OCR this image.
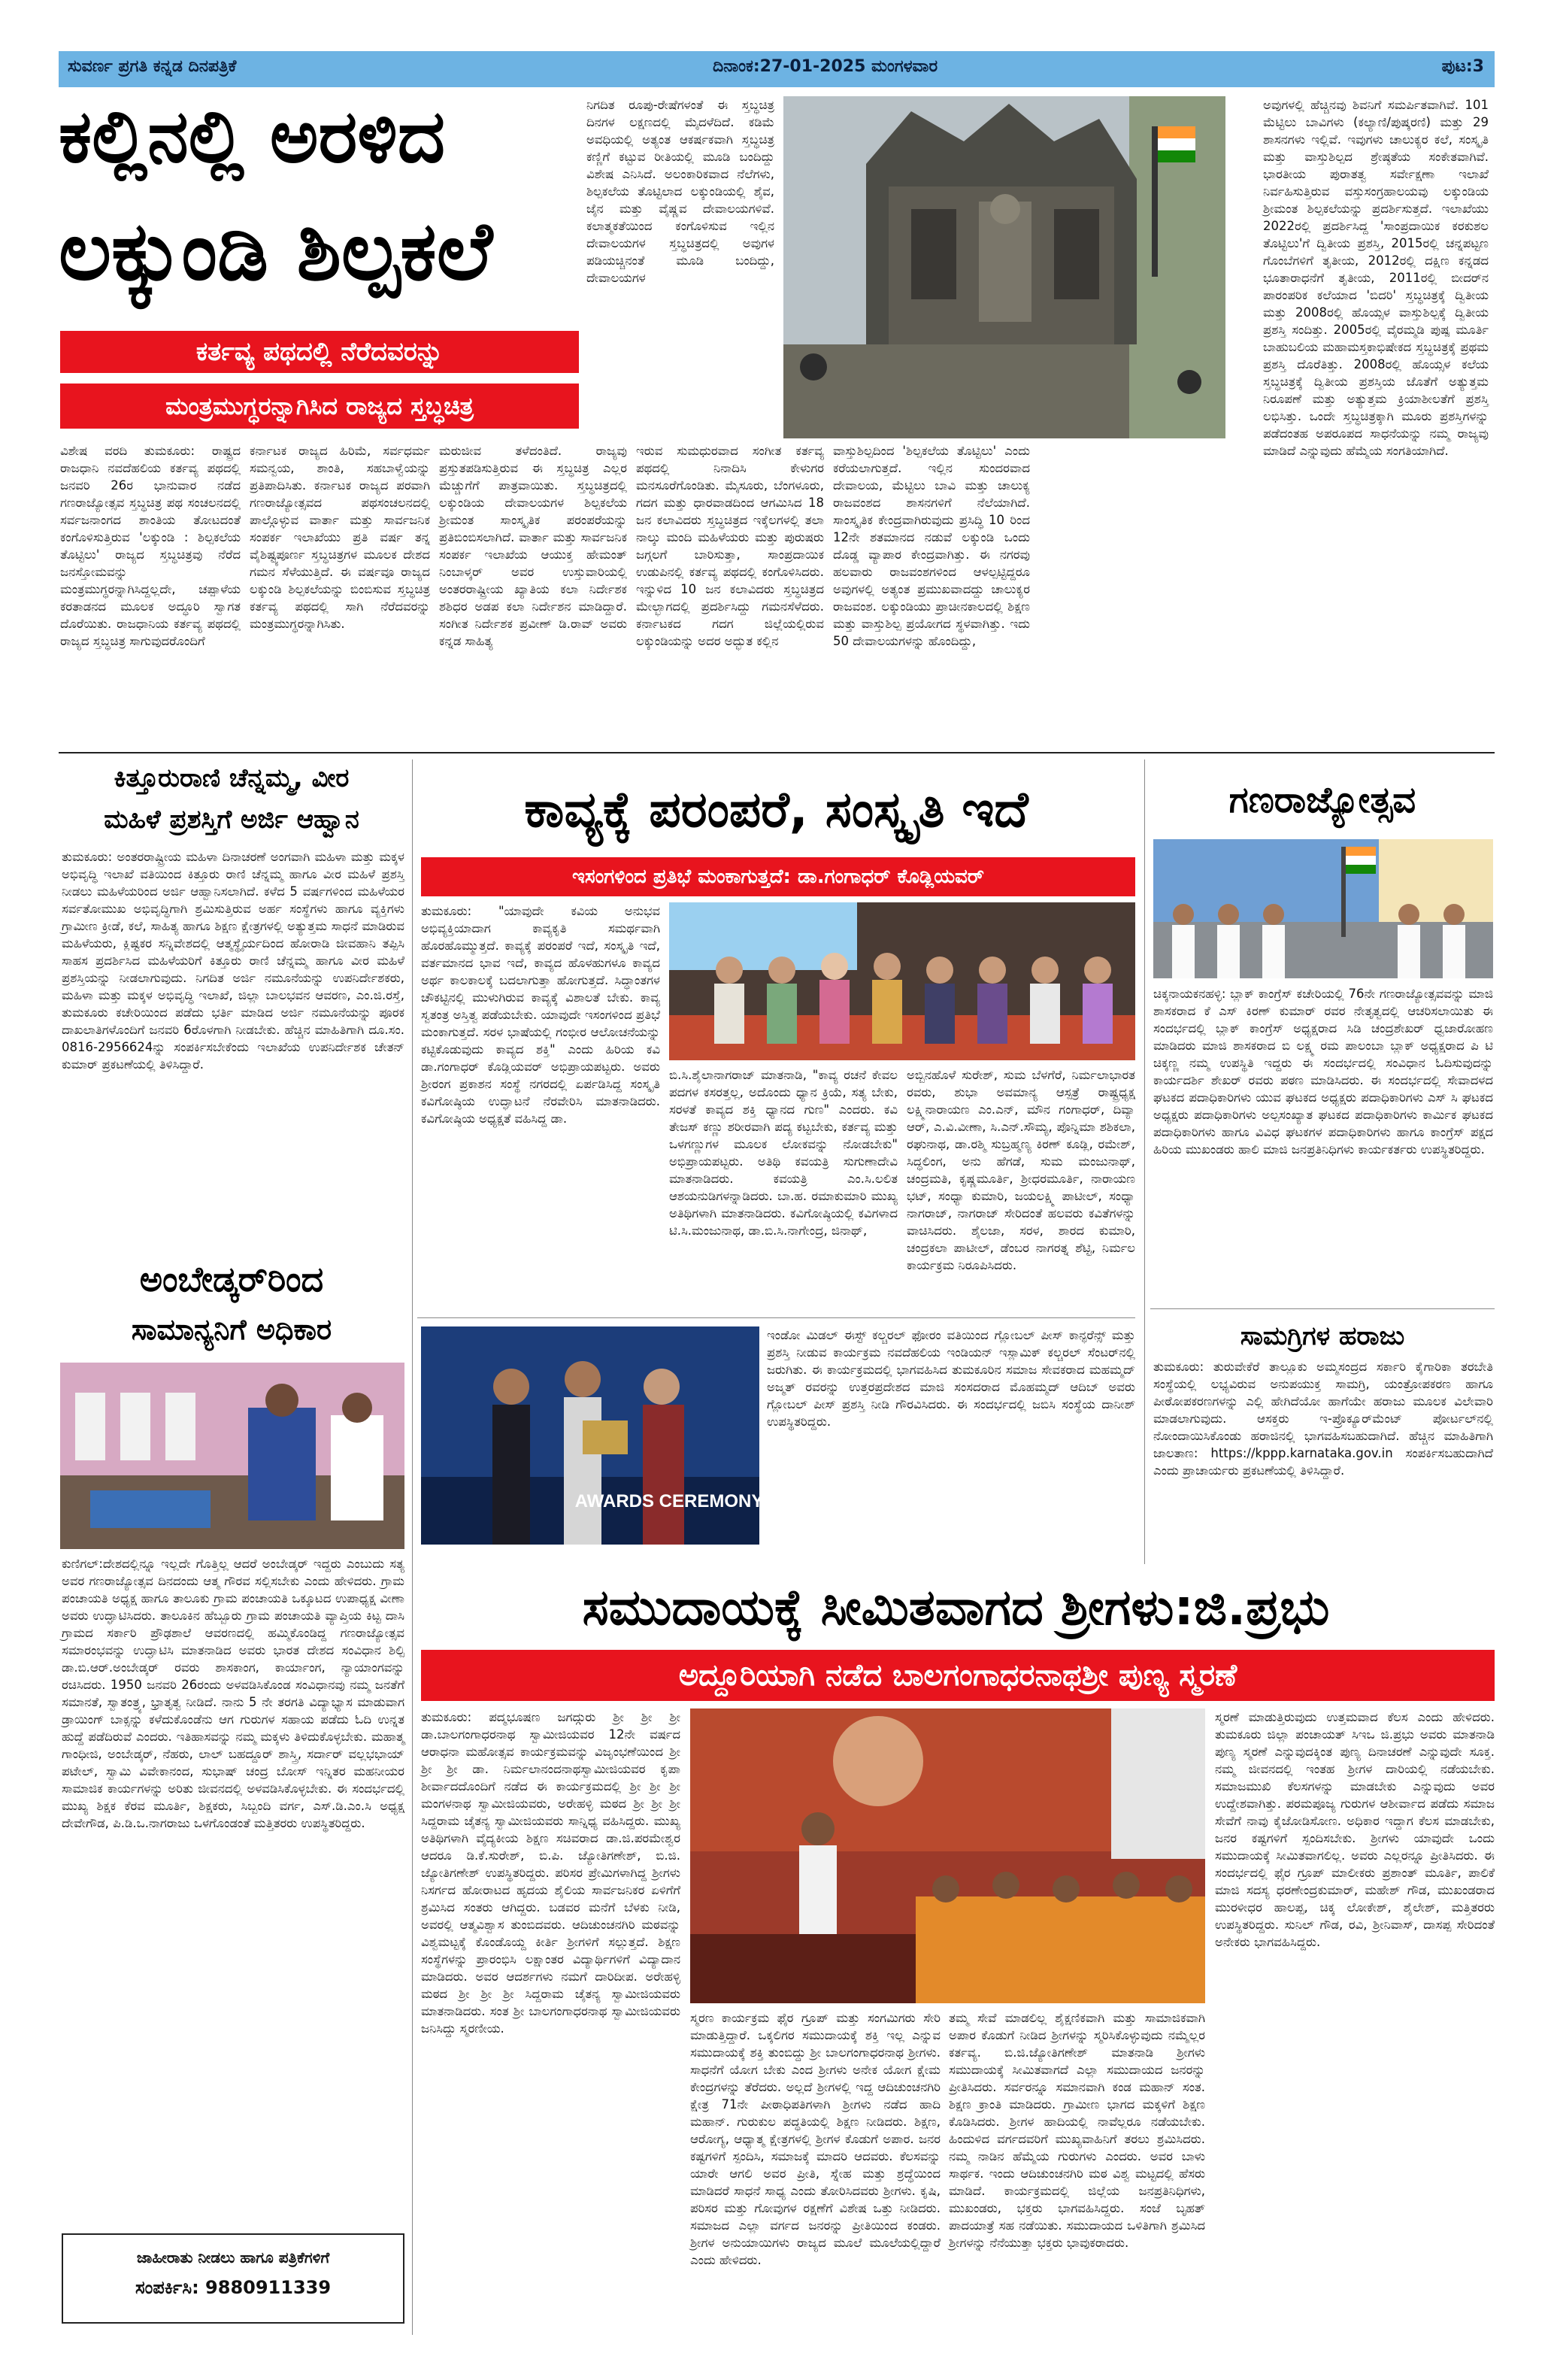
ಸುವರ್ಣ ಪ್ರಗತಿ ಕನ್ನಡ ದಿನಪತ್ರಿಕೆ	ದಿನಾಂಕ:27-01-2025 ಮಂಗಳವಾರ	ಪುಟ:3
ಕಲ್ಲಿನಲ್ಲಿ ಅರಳಿದ
ಲಕ್ಕುಂಡಿ ಶಿಲ್ಪಕಲೆ
ಕರ್ತವ್ಯ ಪಥದಲ್ಲಿ ನೆರೆದವರನ್ನು
ಮಂತ್ರಮುಗ್ಧರನ್ನಾಗಿಸಿದ ರಾಜ್ಯದ ಸ್ತಬ್ಧಚಿತ್ರ
ನಿಗದಿತ ರೂಪು-ರೇಷೆಗಳಂತೆ ಈ ಸ್ತಬ್ಧಚಿತ್ರ ದಿನಗಳ ಲಕ್ಷಣದಲ್ಲಿ ಮೈದಳೆದಿದೆ. ಕಡಿಮೆ ಅವಧಿಯಲ್ಲಿ ಅತ್ಯಂತ ಆಕರ್ಷಕವಾಗಿ ಸ್ತಬ್ಧಚಿತ್ರ ಕಣ್ಣಿಗೆ ಕಟ್ಟುವ ರೀತಿಯಲ್ಲಿ ಮೂಡಿ ಬಂದಿದ್ದು ವಿಶೇಷ ಎನಿಸಿದೆ. ಅಲಂಕಾರಿಕವಾದ ನೆಲೆಗಳು, ಶಿಲ್ಪಕಲೆಯ ತೊಟ್ಟಿಲಾದ ಲಕ್ಕುಂಡಿಯಲ್ಲಿ ಶೈವ, ಜೈನ ಮತ್ತು ವೈಷ್ಣವ ದೇವಾಲಯಗಳಿವೆ. ಕಲಾತ್ಮಕತೆಯಿಂದ ಕಂಗೊಳಿಸುವ ಇಲ್ಲಿನ ದೇವಾಲಯಗಳ ಸ್ತಬ್ಧಚಿತ್ರದಲ್ಲಿ ಅವುಗಳ ಪಡಿಯಚ್ಚಿನಂತೆ ಮೂಡಿ ಬಂದಿದ್ದು, ದೇವಾಲಯಗಳ
ಅವುಗಳಲ್ಲಿ ಹೆಚ್ಚಿನವು ಶಿವನಿಗೆ ಸಮರ್ಪಿತವಾಗಿವೆ. 101 ಮೆಟ್ಟಿಲು ಬಾವಿಗಳು (ಕಲ್ಯಾಣಿ/ಪುಷ್ಕರಣಿ) ಮತ್ತು 29 ಶಾಸನಗಳು ಇಲ್ಲಿವೆ. ಇವುಗಳು ಚಾಲುಕ್ಯರ ಕಲೆ, ಸಂಸ್ಕೃತಿ ಮತ್ತು ವಾಸ್ತುಶಿಲ್ಪದ ಶ್ರೇಷ್ಠತೆಯ ಸಂಕೇತವಾಗಿವೆ. ಭಾರತೀಯ ಪುರಾತತ್ವ ಸರ್ವೇಕ್ಷಣಾ ಇಲಾಖೆ ನಿರ್ವಹಿಸುತ್ತಿರುವ ವಸ್ತುಸಂಗ್ರಹಾಲಯವು ಲಕ್ಕುಂಡಿಯ ಶ್ರೀಮಂತ ಶಿಲ್ಪಕಲೆಯನ್ನು ಪ್ರದರ್ಶಿಸುತ್ತದೆ. ಇಲಾಖೆಯು 2022ರಲ್ಲಿ ಪ್ರದರ್ಶಿಸಿದ್ದ 'ಸಾಂಪ್ರದಾಯಿಕ ಕರಕುಶಲ ತೊಟ್ಟಿಲು'ಗೆ ದ್ವಿತೀಯ ಪ್ರಶಸ್ತಿ, 2015ರಲ್ಲಿ ಚನ್ನಪಟ್ಟಣ ಗೊಂಬೆಗಳಿಗೆ ತೃತೀಯ, 2012ರಲ್ಲಿ ದಕ್ಷಿಣ ಕನ್ನಡದ ಭೂತಾರಾಧನೆಗೆ ತೃತೀಯ, 2011ರಲ್ಲಿ ಬೀದರ್‌ನ ಪಾರಂಪರಿಕ ಕಲೆಯಾದ 'ಬಿದರಿ' ಸ್ತಬ್ಧಚಿತ್ರಕ್ಕೆ ದ್ವಿತೀಯ ಮತ್ತು 2008ರಲ್ಲಿ ಹೊಯ್ಸಳ ವಾಸ್ತುಶಿಲ್ಪಕ್ಕೆ ದ್ವಿತೀಯ ಪ್ರಶಸ್ತಿ ಸಂದಿತ್ತು. 2005ರಲ್ಲಿ ವೈರಮ್ಮಡಿ ಪುಷ್ಪ ಮೂರ್ತಿ ಬಾಹುಬಲಿಯ ಮಹಾಮಸ್ತಕಾಭಿಷೇಕದ ಸ್ತಬ್ಧಚಿತ್ರಕ್ಕೆ ಪ್ರಥಮ ಪ್ರಶಸ್ತಿ ದೊರೆತಿತ್ತು. 2008ರಲ್ಲಿ ಹೊಯ್ಸಳ ಕಲೆಯ ಸ್ತಬ್ಧಚಿತ್ರಕ್ಕೆ ದ್ವಿತೀಯ ಪ್ರಶಸ್ತಿಯ ಜೊತೆಗೆ ಅತ್ಯುತ್ತಮ ನಿರೂಪಣೆ ಮತ್ತು ಅತ್ಯುತ್ತಮ ಕ್ರಿಯಾಶೀಲತೆಗೆ ಪ್ರಶಸ್ತಿ ಲಭಿಸಿತ್ತು. ಒಂದೇ ಸ್ತಬ್ಧಚಿತ್ರಕ್ಕಾಗಿ ಮೂರು ಪ್ರಶಸ್ತಿಗಳನ್ನು ಪಡೆದಂತಹ ಅಪರೂಪದ ಸಾಧನೆಯನ್ನು ನಮ್ಮ ರಾಜ್ಯವು ಮಾಡಿದೆ ಎನ್ನುವುದು ಹೆಮ್ಮೆಯ ಸಂಗತಿಯಾಗಿದೆ.
ವಿಶೇಷ ವರದಿ ತುಮಕೂರು: ರಾಷ್ಟ್ರದ ರಾಜಧಾನಿ ನವದೆಹಲಿಯ ಕರ್ತವ್ಯ ಪಥದಲ್ಲಿ ಜನವರಿ 26ರ ಭಾನುವಾರ ನಡೆದ ಗಣರಾಜ್ಯೋತ್ಸವ ಸ್ತಬ್ಧಚಿತ್ರ ಪಥ ಸಂಚಲನದಲ್ಲಿ ಸರ್ವಜನಾಂಗದ ಶಾಂತಿಯ ತೋಟದಂತೆ ಕಂಗೊಳಿಸುತ್ತಿರುವ 'ಲಕ್ಕುಂಡಿ : ಶಿಲ್ಪಕಲೆಯ ತೊಟ್ಟಿಲು' ರಾಜ್ಯದ ಸ್ತಬ್ಧಚಿತ್ರವು ನೆರೆದ ಜನಸ್ತೋಮವನ್ನು ಮಂತ್ರಮುಗ್ಧರನ್ನಾಗಿಸಿದ್ದಲ್ಲದೇ, ಚಪ್ಪಾಳೆಯ ಕರತಾಡನದ ಮೂಲಕ ಅದ್ಧೂರಿ ಸ್ವಾಗತ ದೊರೆಯಿತು. ರಾಜಧಾನಿಯ ಕರ್ತವ್ಯ ಪಥದಲ್ಲಿ ರಾಜ್ಯದ ಸ್ತಬ್ಧಚಿತ್ರ ಸಾಗುವುದರೊಂದಿಗೆ
ಕರ್ನಾಟಕ ರಾಜ್ಯದ ಹಿರಿಮೆ, ಸರ್ವಧರ್ಮ ಸಮನ್ವಯ, ಶಾಂತಿ, ಸಹಬಾಳ್ವೆಯನ್ನು ಪ್ರತಿಪಾದಿಸಿತು. ಕರ್ನಾಟಕ ರಾಜ್ಯದ ಪರವಾಗಿ ಗಣರಾಜ್ಯೋತ್ಸವದ ಪಥಸಂಚಲನದಲ್ಲಿ ಪಾಲ್ಗೊಳ್ಳುವ ವಾರ್ತಾ ಮತ್ತು ಸಾರ್ವಜನಿಕ ಸಂಪರ್ಕ ಇಲಾಖೆಯು ಪ್ರತಿ ವರ್ಷ ತನ್ನ ವೈಶಿಷ್ಟ್ಯಪೂರ್ಣ ಸ್ತಬ್ಧಚಿತ್ರಗಳ ಮೂಲಕ ದೇಶದ ಗಮನ ಸೆಳೆಯುತ್ತಿದೆ. ಈ ವರ್ಷವೂ ರಾಜ್ಯದ ಲಕ್ಕುಂಡಿ ಶಿಲ್ಪಕಲೆಯನ್ನು ಬಿಂಬಿಸುವ ಸ್ತಬ್ಧಚಿತ್ರ ಕರ್ತವ್ಯ ಪಥದಲ್ಲಿ ಸಾಗಿ ನೆರೆದವರನ್ನು ಮಂತ್ರಮುಗ್ಧರನ್ನಾಗಿಸಿತು.
ಮರುಜೀವ ತಳೆದಂತಿದೆ. ರಾಜ್ಯವು ಪ್ರಸ್ತುತಪಡಿಸುತ್ತಿರುವ ಈ ಸ್ತಬ್ಧಚಿತ್ರ ಎಲ್ಲರ ಮೆಚ್ಚುಗೆಗೆ ಪಾತ್ರವಾಯಿತು. ಸ್ತಬ್ಧಚಿತ್ರದಲ್ಲಿ ಲಕ್ಕುಂಡಿಯ ದೇವಾಲಯಗಳ ಶಿಲ್ಪಕಲೆಯ ಶ್ರೀಮಂತ ಸಾಂಸ್ಕೃತಿಕ ಪರಂಪರೆಯನ್ನು ಪ್ರತಿಬಿಂಬಿಸಲಾಗಿದೆ. ವಾರ್ತಾ ಮತ್ತು ಸಾರ್ವಜನಿಕ ಸಂಪರ್ಕ ಇಲಾಖೆಯ ಆಯುಕ್ತ ಹೇಮಂತ್ ನಿಂಬಾಳ್ಕರ್ ಅವರ ಉಸ್ತುವಾರಿಯಲ್ಲಿ ಅಂತರರಾಷ್ಟ್ರೀಯ ಖ್ಯಾತಿಯ ಕಲಾ ನಿರ್ದೇಶಕ ಶಶಿಧರ ಅಡಪ ಕಲಾ ನಿರ್ದೇಶನ ಮಾಡಿದ್ದಾರೆ. ಸಂಗೀತ ನಿರ್ದೇಶಕ ಪ್ರವೀಣ್ ಡಿ.ರಾವ್ ಅವರು ಕನ್ನಡ ಸಾಹಿತ್ಯ
ಇರುವ ಸುಮಧುರವಾದ ಸಂಗೀತ ಕರ್ತವ್ಯ ಪಥದಲ್ಲಿ ನಿನಾದಿಸಿ ಕೇಳುಗರ ಮನಸೂರೆಗೊಂಡಿತು. ಮೈಸೂರು, ಬೆಂಗಳೂರು, ಗದಗ ಮತ್ತು ಧಾರವಾಡದಿಂದ ಆಗಮಿಸಿದ 18 ಜನ ಕಲಾವಿದರು ಸ್ತಬ್ಧಚಿತ್ರದ ಇಕ್ಕೆಲಗಳಲ್ಲಿ ತಲಾ ನಾಲ್ಕು ಮಂದಿ ಮಹಿಳೆಯರು ಮತ್ತು ಪುರುಷರು ಜಗ್ಗಲಗೆ ಬಾರಿಸುತ್ತಾ, ಸಾಂಪ್ರದಾಯಿಕ ಉಡುಪಿನಲ್ಲಿ ಕರ್ತವ್ಯ ಪಥದಲ್ಲಿ ಕಂಗೊಳಿಸಿದರು. ಇನ್ನುಳಿದ 10 ಜನ ಕಲಾವಿದರು ಸ್ತಬ್ಧಚಿತ್ರದ ಮೇಲ್ಭಾಗದಲ್ಲಿ ಪ್ರದರ್ಶಿಸಿದ್ದು ಗಮನಸೆಳೆದರು. ಕರ್ನಾಟಕದ ಗದಗ ಜಿಲ್ಲೆಯಲ್ಲಿರುವ ಲಕ್ಕುಂಡಿಯನ್ನು ಅದರ ಅದ್ಭುತ ಕಲ್ಲಿನ
ವಾಸ್ತುಶಿಲ್ಪದಿಂದ 'ಶಿಲ್ಪಕಲೆಯ ತೊಟ್ಟಿಲು' ಎಂದು ಕರೆಯಲಾಗುತ್ತದೆ. ಇಲ್ಲಿನ ಸುಂದರವಾದ ದೇವಾಲಯ, ಮೆಟ್ಟಿಲು ಬಾವಿ ಮತ್ತು ಚಾಲುಕ್ಯ ರಾಜವಂಶದ ಶಾಸನಗಳಿಗೆ ನೆಲೆಯಾಗಿದೆ. ಸಾಂಸ್ಕೃತಿಕ ಕೇಂದ್ರವಾಗಿರುವುದು ಪ್ರಸಿದ್ಧಿ 10 ರಿಂದ 12ನೇ ಶತಮಾನದ ನಡುವೆ ಲಕ್ಕುಂಡಿ ಒಂದು ದೊಡ್ಡ ವ್ಯಾಪಾರ ಕೇಂದ್ರವಾಗಿತ್ತು. ಈ ನಗರವು ಹಲವಾರು ರಾಜವಂಶಗಳಿಂದ ಆಳಲ್ಪಟ್ಟಿದ್ದರೂ ಅವುಗಳಲ್ಲಿ ಅತ್ಯಂತ ಪ್ರಮುಖವಾದದ್ದು ಚಾಲುಕ್ಯರ ರಾಜವಂಶ. ಲಕ್ಕುಂಡಿಯು ಪ್ರಾಚೀನಕಾಲದಲ್ಲಿ ಶಿಕ್ಷಣ ಮತ್ತು ವಾಸ್ತುಶಿಲ್ಪ ಪ್ರಯೋಗದ ಸ್ಥಳವಾಗಿತ್ತು. ಇದು 50 ದೇವಾಲಯಗಳನ್ನು ಹೊಂದಿದ್ದು,
ಕಿತ್ತೂರುರಾಣಿ ಚೆನ್ನಮ್ಮ, ವೀರ
ಮಹಿಳೆ ಪ್ರಶಸ್ತಿಗೆ ಅರ್ಜಿ ಆಹ್ವಾನ
ತುಮಕೂರು: ಅಂತರರಾಷ್ಟ್ರೀಯ ಮಹಿಳಾ ದಿನಾಚರಣೆ ಅಂಗವಾಗಿ ಮಹಿಳಾ ಮತ್ತು ಮಕ್ಕಳ ಅಭಿವೃದ್ಧಿ ಇಲಾಖೆ ವತಿಯಿಂದ ಕಿತ್ತೂರು ರಾಣಿ ಚೆನ್ನಮ್ಮ ಹಾಗೂ ವೀರ ಮಹಿಳೆ ಪ್ರಶಸ್ತಿ ನೀಡಲು ಮಹಿಳೆಯರಿಂದ ಅರ್ಜಿ ಆಹ್ವಾನಿಸಲಾಗಿದೆ. ಕಳೆದ 5 ವರ್ಷಗಳಿಂದ ಮಹಿಳೆಯರ ಸರ್ವತೋಮುಖ ಅಭಿವೃದ್ಧಿಗಾಗಿ ಶ್ರಮಿಸುತ್ತಿರುವ ಅರ್ಹ ಸಂಸ್ಥೆಗಳು ಹಾಗೂ ವ್ಯಕ್ತಿಗಳು ಗ್ರಾಮೀಣ ಕ್ರೀಡೆ, ಕಲೆ, ಸಾಹಿತ್ಯ ಹಾಗೂ ಶಿಕ್ಷಣ ಕ್ಷೇತ್ರಗಳಲ್ಲಿ ಅತ್ಯುತ್ತಮ ಸಾಧನೆ ಮಾಡಿರುವ ಮಹಿಳೆಯರು, ಕ್ಲಿಷ್ಟಕರ ಸನ್ನಿವೇಶದಲ್ಲಿ ಆತ್ಮಸ್ಥೈರ್ಯದಿಂದ ಹೋರಾಡಿ ಜೀವಹಾನಿ ತಪ್ಪಿಸಿ ಸಾಹಸ ಪ್ರದರ್ಶಿಸಿದ ಮಹಿಳೆಯರಿಗೆ ಕಿತ್ತೂರು ರಾಣಿ ಚೆನ್ನಮ್ಮ ಹಾಗೂ ವೀರ ಮಹಿಳೆ ಪ್ರಶಸ್ತಿಯನ್ನು ನೀಡಲಾಗುವುದು. ನಿಗದಿತ ಅರ್ಜಿ ನಮೂನೆಯನ್ನು ಉಪನಿರ್ದೇಶಕರು, ಮಹಿಳಾ ಮತ್ತು ಮಕ್ಕಳ ಅಭಿವೃದ್ಧಿ ಇಲಾಖೆ, ಜಿಲ್ಲಾ ಬಾಲಭವನ ಆವರಣ, ಎಂ.ಜಿ.ರಸ್ತೆ, ತುಮಕೂರು ಕಚೇರಿಯಿಂದ ಪಡೆದು ಭರ್ತಿ ಮಾಡಿದ ಅರ್ಜಿ ನಮೂನೆಯನ್ನು ಪೂರಕ ದಾಖಲಾತಿಗಳೊಂದಿಗೆ ಜನವರಿ 6ರೊಳಗಾಗಿ ನೀಡಬೇಕು. ಹೆಚ್ಚಿನ ಮಾಹಿತಿಗಾಗಿ ದೂ.ಸಂ. 0816-2956624ನ್ನು ಸಂಪರ್ಕಿಸಬೇಕೆಂದು ಇಲಾಖೆಯ ಉಪನಿರ್ದೇಶಕ ಚೇತನ್ ಕುಮಾರ್ ಪ್ರಕಟಣೆಯಲ್ಲಿ ತಿಳಿಸಿದ್ದಾರೆ.
ಅಂಬೇಡ್ಕರ್‌ರಿಂದ
ಸಾಮಾನ್ಯನಿಗೆ ಅಧಿಕಾರ
ಕುಣಿಗಲ್:ದೇಶದಲ್ಲಿನ್ನೂ ಇಲ್ಲದೇ ಗೊತ್ತಿಲ್ಲ ಆದರೆ ಅಂಬೇಡ್ಕರ್ ಇದ್ದರು ಎಂಬುದು ಸತ್ಯ ಅವರ ಗಣರಾಜ್ಯೋತ್ಸವ ದಿನದಂದು ಆತ್ಮ ಗೌರವ ಸಲ್ಲಿಸಬೇಕು ಎಂದು ಹೇಳಿದರು. ಗ್ರಾಮ ಪಂಚಾಯತಿ ಅಧ್ಯಕ್ಷ ಹಾಗೂ ತಾಲೂಕು ಗ್ರಾಮ ಪಂಚಾಯತಿ ಒಕ್ಕೂಟದ ಉಪಾಧ್ಯಕ್ಷ ವೀಣಾ ಅವರು ಉದ್ಘಾಟಿಸಿದರು. ತಾಲೂಕಿನ ಹೆಬ್ಬೂರು ಗ್ರಾಮ ಪಂಚಾಯತಿ ವ್ಯಾಪ್ತಿಯ ಕಿಟ್ಟ ದಾಸಿ ಗ್ರಾಮದ ಸರ್ಕಾರಿ ಪ್ರೌಢಶಾಲೆ ಆವರಣದಲ್ಲಿ ಹಮ್ಮಿಕೊಂಡಿದ್ದ ಗಣರಾಜ್ಯೋತ್ಸವ ಸಮಾರಂಭವನ್ನು ಉದ್ಘಾಟಿಸಿ ಮಾತನಾಡಿದ ಅವರು ಭಾರತ ದೇಶದ ಸಂವಿಧಾನ ಶಿಲ್ಪಿ ಡಾ.ಬಿ.ಆರ್.ಅಂಬೇಡ್ಕರ್ ರವರು ಶಾಸಕಾಂಗ, ಕಾರ್ಯಾಂಗ, ನ್ಯಾಯಾಂಗವನ್ನು ರಚಿಸಿದರು. 1950 ಜನವರಿ 26ರಂದು ಅಳವಡಿಸಿಕೊಂಡ ಸಂವಿಧಾನವು ನಮ್ಮ ಜನತೆಗೆ ಸಮಾನತೆ, ಸ್ವಾತಂತ್ರ್ಯ, ಭ್ರಾತೃತ್ವ ನೀಡಿದೆ. ನಾನು 5 ನೇ ತರಗತಿ ವಿದ್ಯಾಭ್ಯಾಸ ಮಾಡುವಾಗ ಡ್ರಾಯಿಂಗ್ ಬಾಕ್ಸನ್ನು ಕಳೆದುಕೊಂಡೆನು ಆಗ ಗುರುಗಳ ಸಹಾಯ ಪಡೆದು ಓದಿ ಉನ್ನತ ಹುದ್ದೆ ಪಡೆದಿರುವೆ ಎಂದರು. ಇತಿಹಾಸವನ್ನು ನಮ್ಮ ಮಕ್ಕಳು ತಿಳಿದುಕೊಳ್ಳಬೇಕು. ಮಹಾತ್ಮ ಗಾಂಧೀಜಿ, ಅಂಬೇಡ್ಕರ್, ನೆಹರು, ಲಾಲ್ ಬಹದ್ದೂರ್ ಶಾಸ್ತ್ರಿ, ಸರ್ದಾರ್ ವಲ್ಲಭಭಾಯ್ ಪಟೇಲ್, ಸ್ವಾಮಿ ವಿವೇಕಾನಂದ, ಸುಭಾಷ್ ಚಂದ್ರ ಬೋಸ್ ಇನ್ನಿತರ ಮಹನೀಯರ ಸಾಮಾಜಿಕ ಕಾರ್ಯಗಳನ್ನು ಅರಿತು ಜೀವನದಲ್ಲಿ ಅಳವಡಿಸಿಕೊಳ್ಳಬೇಕು. ಈ ಸಂದರ್ಭದಲ್ಲಿ ಮುಖ್ಯ ಶಿಕ್ಷಕ ಕೆರವ ಮೂರ್ತಿ, ಶಿಕ್ಷಕರು, ಸಿಬ್ಬಂದಿ ವರ್ಗ, ಎಸ್.ಡಿ.ಎಂ.ಸಿ ಅಧ್ಯಕ್ಷ ದೇವೇಗೌಡ, ಪಿ.ಡಿ.ಒ.ನಾಗರಾಜು ಒಳಗೊಂಡಂತೆ ಮತ್ತಿತರರು ಉಪಸ್ಥಿತರಿದ್ದರು.
ಜಾಹೀರಾತು ನೀಡಲು ಹಾಗೂ ಪತ್ರಿಕೆಗಳಿಗೆ
ಸಂಪರ್ಕಿಸಿ: 9880911339
ಕಾವ್ಯಕ್ಕೆ ಪರಂಪರೆ, ಸಂಸ್ಕೃತಿ ಇದೆ
ಇಸಂಗಳಿಂದ ಪ್ರತಿಭೆ ಮಂಕಾಗುತ್ತದೆ: ಡಾ.ಗಂಗಾಧರ್ ಕೊಡ್ಲಿಯವರ್
ತುಮಕೂರು: "ಯಾವುದೇ ಕವಿಯ ಅನುಭವ ಅಭಿವ್ಯಕ್ತಿಯಾದಾಗ ಕಾವ್ಯಕೃತಿ ಸಮರ್ಥವಾಗಿ ಹೊರಹೊಮ್ಮುತ್ತದೆ. ಕಾವ್ಯಕ್ಕೆ ಪರಂಪರೆ ಇದೆ, ಸಂಸ್ಕೃತಿ ಇದೆ, ವರ್ತಮಾನದ ಭಾವ ಇದೆ, ಕಾವ್ಯದ ಹೊಳಹುಗಳೂ ಕಾವ್ಯದ ಅರ್ಥ ಕಾಲಕಾಲಕ್ಕೆ ಬದಲಾಗುತ್ತಾ ಹೋಗುತ್ತದೆ. ಸಿದ್ಧಾಂತಗಳ ಚೌಕಟ್ಟಿನಲ್ಲಿ ಮುಳುಗಿರುವ ಕಾವ್ಯಕ್ಕೆ ವಿಶಾಲತೆ ಬೇಕು. ಕಾವ್ಯ ಸ್ವತಂತ್ರ ಅಸ್ತಿತ್ವ ಪಡೆಯಬೇಕು. ಯಾವುದೇ ಇಸಂಗಳಿಂದ ಪ್ರತಿಭೆ ಮಂಕಾಗುತ್ತದೆ. ಸರಳ ಭಾಷೆಯಲ್ಲಿ ಗಂಭೀರ ಆಲೋಚನೆಯನ್ನು ಕಟ್ಟಿಕೊಡುವುದು ಕಾವ್ಯದ ಶಕ್ತಿ" ಎಂದು ಹಿರಿಯ ಕವಿ ಡಾ.ಗಂಗಾಧರ್ ಕೊಡ್ಲಿಯವರ್ ಅಭಿಪ್ರಾಯಪಟ್ಟರು. ಅವರು ಶ್ರೀರಂಗ ಪ್ರಕಾಶನ ಸಂಸ್ಥೆ ನಗರದಲ್ಲಿ ಏರ್ಪಡಿಸಿದ್ದ ಸಂಸ್ಕೃತಿ ಕವಿಗೋಷ್ಠಿಯ ಉದ್ಘಾಟನೆ ನೆರವೇರಿಸಿ ಮಾತನಾಡಿದರು. ಕವಿಗೋಷ್ಠಿಯ ಅಧ್ಯಕ್ಷತೆ ವಹಿಸಿದ್ದ ಡಾ.
ಬಿ.ಸಿ.ಶೈಲಾನಾಗರಾಜ್ ಮಾತನಾಡಿ, "ಕಾವ್ಯ ರಚನೆ ಕೇವಲ ಪದಗಳ ಕಸರತ್ತಲ್ಲ, ಅದೊಂದು ಧ್ಯಾನ ಕ್ರಿಯೆ, ಸತ್ಯ ಬೇಕು, ಸರಳತೆ ಕಾವ್ಯದ ಶಕ್ತಿ ಧ್ಯಾನದ ಗುಣ" ಎಂದರು. ಕವಿ ತೇಜಸ್ ಕಣ್ಣು ಶರೀರವಾಗಿ ಪದ್ಯ ಕಟ್ಟಬೇಕು, ಕರ್ತವ್ಯ ಮತ್ತು ಒಳಗಣ್ಣುಗಳ ಮೂಲಕ ಲೋಕವನ್ನು ನೋಡಬೇಕು" ಅಭಿಪ್ರಾಯಪಟ್ಟರು. ಅತಿಥಿ ಕವಯತ್ರಿ ಸುಗುಣಾದೇವಿ ಮಾತನಾಡಿದರು. ಕವಯತ್ರಿ ಎಂ.ಸಿ.ಲಲಿತ ಆಶಯನುಡಿಗಳನ್ನಾಡಿದರು. ಬಾ.ಹ. ರಮಾಕುಮಾರಿ ಮುಖ್ಯ ಅತಿಥಿಗಳಾಗಿ ಮಾತನಾಡಿದರು. ಕವಿಗೋಷ್ಠಿಯಲ್ಲಿ ಕವಿಗಳಾದ ಟಿ.ಸಿ.ಮಂಜುನಾಥ, ಡಾ.ಬಿ.ಸಿ.ನಾಗೇಂದ್ರ, ಜಿನಾಥ್,
ಅಬ್ಬಿನಹೊಳೆ ಸುರೇಶ್, ಸುಮ ಬೆಳಗೆರೆ, ನಿರ್ಮಲಾಭಾರತ ರವರು, ಶುಭಾ ಅವಮಾನ್ಯ ಆಸ್ಪತ್ರೆ ರಾಷ್ಟ್ರಧ್ಯಕ್ಷ ಲಕ್ಷ್ಮಿನಾರಾಯಣ ಎಂ.ಎನ್, ಮೌನ ಗಂಗಾಧರ್, ದಿವ್ಯಾ ಆರ್, ಎ.ವಿ.ವೀಣಾ, ಸಿ.ಎನ್.ಸೌಮ್ಯ, ಪೊನ್ನಿಮಾ ಶಶಿಕಲಾ, ರಘುನಾಥ, ಡಾ.ರಶ್ಮಿ ಸುಬ್ರಹ್ಮಣ್ಯ ಕಿರಣ್ ಕೂಡ್ಲಿ, ರಮೇಶ್, ಸಿದ್ಧಲಿಂಗ, ಅನು ಹೆಗಡೆ, ಸುಮ ಮಂಜುನಾಥ್, ಚಂದ್ರಮತಿ, ಕೃಷ್ಣಮೂರ್ತಿ, ಶ್ರೀಧರಮೂರ್ತಿ, ನಾರಾಯಣ ಭಟ್, ಸಂಧ್ಯಾ ಕುಮಾರಿ, ಜಯಲಕ್ಷ್ಮಿ ಪಾಟೀಲ್, ಸಂಧ್ಯಾ ನಾಗರಾಜ್, ನಾಗರಾಜ್ ಸೇರಿದಂತೆ ಹಲವರು ಕವಿತೆಗಳನ್ನು ವಾಚಿಸಿದರು. ಶೈಲಜಾ, ಸರಳ, ಶಾರದ ಕುಮಾರಿ, ಚಂದ್ರಕಲಾ ಪಾಟೀಲ್, ಡೆಂಬರ ನಾಗರತ್ನ ಶೆಟ್ಟಿ, ನಿರ್ಮಲ ಕಾರ್ಯಕ್ರಮ ನಿರೂಪಿಸಿದರು.
AWARDS CEREMONY
ಇಂಡೋ ಮಿಡಲ್ ಈಸ್ಟ್ ಕಲ್ಚರಲ್ ಫೋರಂ ವತಿಯಿಂದ ಗ್ಲೋಬಲ್ ಪೀಸ್ ಕಾನ್ಫರೆನ್ಸ್ ಮತ್ತು ಪ್ರಶಸ್ತಿ ನೀಡುವ ಕಾರ್ಯಕ್ರಮ ನವದೆಹಲಿಯ ಇಂಡಿಯನ್ ಇಸ್ಲಾಮಿಕ್ ಕಲ್ಚರಲ್ ಸೆಂಟರ್‌ನಲ್ಲಿ ಜರುಗಿತು. ಈ ಕಾರ್ಯಕ್ರಮದಲ್ಲಿ ಭಾಗವಹಿಸಿದ ತುಮಕೂರಿನ ಸಮಾಜ ಸೇವಕರಾದ ಮಹಮ್ಮದ್ ಅಜ್ಮತ್ ರವರನ್ನು ಉತ್ತರಪ್ರದೇಶದ ಮಾಜಿ ಸಂಸದರಾದ ಮೊಹಮ್ಮದ್ ಆದಿಬ್ ಅವರು ಗ್ಲೋಬಲ್ ಪೀಸ್ ಪ್ರಶಸ್ತಿ ನೀಡಿ ಗೌರವಿಸಿದರು. ಈ ಸಂದರ್ಭದಲ್ಲಿ ಜಬಿಸಿ ಸಂಸ್ಥೆಯ ದಾನೀಶ್ ಉಪಸ್ಥಿತರಿದ್ದರು.
ಗಣರಾಜ್ಯೋತ್ಸವ
ಚಿಕ್ಕನಾಯಕನಹಳ್ಳಿ: ಬ್ಲಾಕ್ ಕಾಂಗ್ರೆಸ್ ಕಚೇರಿಯಲ್ಲಿ 76ನೇ ಗಣರಾಜ್ಯೋತ್ಸವವನ್ನು ಮಾಜಿ ಶಾಸಕರಾದ ಕೆ ಎಸ್ ಕಿರಣ್ ಕುಮಾರ್ ರವರ ನೇತೃತ್ವದಲ್ಲಿ ಆಚರಿಸಲಾಯಿತು ಈ ಸಂದರ್ಭದಲ್ಲಿ ಬ್ಲಾಕ್ ಕಾಂಗ್ರೆಸ್ ಅಧ್ಯಕ್ಷರಾದ ಸಿಡಿ ಚಂದ್ರಶೇಖರ್ ಧ್ವಜಾರೋಹಣ ಮಾಡಿದರು ಮಾಜಿ ಶಾಸಕರಾದ ಬಿ ಲಕ್ಷ್ಮ ರಮ ಪಾಲಂಬಾ ಬ್ಲಾಕ್ ಅಧ್ಯಕ್ಷರಾದ ಪಿ ಟಿ ಚಿಕ್ಕಣ್ಣ ನಮ್ಮ ಉಪಸ್ಥಿತಿ ಇದ್ದರು ಈ ಸಂದರ್ಭದಲ್ಲಿ ಸಂವಿಧಾನ ಓದಿಸುವುದನ್ನು ಕಾರ್ಯದರ್ಶಿ ಶೇಖರ್ ರವರು ಪಠಣ ಮಾಡಿಸಿದರು. ಈ ಸಂದರ್ಭದಲ್ಲಿ ಸೇವಾದಳದ ಘಟಕದ ಪದಾಧಿಕಾರಿಗಳು ಯುವ ಘಟಕದ ಅಧ್ಯಕ್ಷರು ಪದಾಧಿಕಾರಿಗಳು ಎಸ್ ಸಿ ಘಟಕದ ಅಧ್ಯಕ್ಷರು ಪದಾಧಿಕಾರಿಗಳು ಅಲ್ಪಸಂಖ್ಯಾತ ಘಟಕದ ಪದಾಧಿಕಾರಿಗಳು ಕಾರ್ಮಿಕ ಘಟಕದ ಪದಾಧಿಕಾರಿಗಳು ಹಾಗೂ ವಿವಿಧ ಘಟಕಗಳ ಪದಾಧಿಕಾರಿಗಳು ಹಾಗೂ ಕಾಂಗ್ರೆಸ್ ಪಕ್ಷದ ಹಿರಿಯ ಮುಖಂಡರು ಹಾಲಿ ಮಾಜಿ ಜನಪ್ರತಿನಿಧಿಗಳು ಕಾರ್ಯಕರ್ತರು ಉಪಸ್ಥಿತರಿದ್ದರು.
ಸಾಮಗ್ರಿಗಳ ಹರಾಜು
ತುಮಕೂರು: ತುರುವೇಕೆರೆ ತಾಲ್ಲೂಕು ಅಮ್ಮಸಂದ್ರದ ಸರ್ಕಾರಿ ಕೈಗಾರಿಕಾ ತರಬೇತಿ ಸಂಸ್ಥೆಯಲ್ಲಿ ಲಭ್ಯವಿರುವ ಅನುಪಯುಕ್ತ ಸಾಮಗ್ರಿ, ಯಂತ್ರೋಪಕರಣ ಹಾಗೂ ಪೀಠೋಪಕರಣಗಳನ್ನು ಎಲ್ಲಿ ಹೇಗಿದೆಯೋ ಹಾಗೆಯೇ ಹರಾಜು ಮೂಲಕ ವಿಲೇವಾರಿ ಮಾಡಲಾಗುವುದು. ಆಸಕ್ತರು ಇ-ಪ್ರೊಕ್ಯೂರ್‌ಮೆಂಟ್ ಪೋರ್ಟಲ್‌ನಲ್ಲಿ ನೋಂದಾಯಿಸಿಕೊಂಡು ಹರಾಜಿನಲ್ಲಿ ಭಾಗವಹಿಸಬಹುದಾಗಿದೆ. ಹೆಚ್ಚಿನ ಮಾಹಿತಿಗಾಗಿ ಜಾಲತಾಣ: https://kppp.karnataka.gov.in ಸಂಪರ್ಕಿಸಬಹುದಾಗಿದೆ ಎಂದು ಪ್ರಾಚಾರ್ಯರು ಪ್ರಕಟಣೆಯಲ್ಲಿ ತಿಳಿಸಿದ್ದಾರೆ.
ಸಮುದಾಯಕ್ಕೆ ಸೀಮಿತವಾಗದ ಶ್ರೀಗಳು:ಜಿ.ಪ್ರಭು
ಅದ್ದೂರಿಯಾಗಿ ನಡೆದ ಬಾಲಗಂಗಾಧರನಾಥಶ್ರೀ ಪುಣ್ಯ ಸ್ಮರಣೆ
ತುಮಕೂರು: ಪದ್ಮಭೂಷಣ ಜಗದ್ಗುರು ಶ್ರೀ ಶ್ರೀ ಶ್ರೀ ಡಾ.ಬಾಲಗಂಗಾಧರನಾಥ ಸ್ವಾಮೀಜಿಯವರ 12ನೇ ವರ್ಷದ ಆರಾಧನಾ ಮಹೋತ್ಸವ ಕಾರ್ಯಕ್ರಮವನ್ನು ವಿಜೃಂಭಣೆಯಿಂದ ಶ್ರೀ ಶ್ರೀ ಶ್ರೀ ಡಾ. ನಿರ್ಮಲಾನಂದನಾಥಸ್ವಾಮೀಜಿಯವರ ಕೃಪಾ ಶೀರ್ವಾದದೊಂದಿಗೆ ನಡೆದ ಈ ಕಾರ್ಯಕ್ರಮದಲ್ಲಿ ಶ್ರೀ ಶ್ರೀ ಶ್ರೀ ಮಂಗಳನಾಥ ಸ್ವಾಮೀಜಿಯವರು, ಅರೇಹಳ್ಳಿ ಮಠದ ಶ್ರೀ ಶ್ರೀ ಶ್ರೀ ಸಿದ್ದರಾಮ ಚೈತನ್ಯ ಸ್ವಾಮೀಜಿಯವರು ಸಾನ್ನಿಧ್ಯ ವಹಿಸಿದ್ದರು. ಮುಖ್ಯ ಅತಿಥಿಗಳಾಗಿ ವೈದ್ಯಕೀಯ ಶಿಕ್ಷಣ ಸಚಿವರಾದ ಡಾ.ಜಿ.ಪರಮೇಶ್ವರ ಆದರೂ ಡಿ.ಕೆ.ಸುರೇಶ್, ಬಿ.ಪಿ. ಜ್ಯೋತಿಗಣೇಶ್, ಬಿ.ಜಿ. ಜ್ಯೋತಿಗಣೇಶ್ ಉಪಸ್ಥಿತರಿದ್ದರು. ಪರಿಸರ ಪ್ರೇಮಿಗಳಾಗಿದ್ದ ಶ್ರೀಗಳು ನಿಸರ್ಗದ ಹೋರಾಟದ ಹೃದಯ ಶೈಲಿಯ ಸಾರ್ವಜನಿಕರ ಏಳಿಗೆಗೆ ಶ್ರಮಿಸಿದ ಸಂತರು ಆಗಿದ್ದರು. ಬಡವರ ಮನೆಗೆ ಬೆಳಕು ನೀಡಿ, ಅವರಲ್ಲಿ ಆತ್ಮವಿಶ್ವಾಸ ತುಂಬಿದವರು. ಆದಿಚುಂಚನಗಿರಿ ಮಠವನ್ನು ವಿಶ್ವಮಟ್ಟಕ್ಕೆ ಕೊಂಡೊಯ್ದ ಕೀರ್ತಿ ಶ್ರೀಗಳಿಗೆ ಸಲ್ಲುತ್ತದೆ. ಶಿಕ್ಷಣ ಸಂಸ್ಥೆಗಳನ್ನು ಪ್ರಾರಂಭಿಸಿ ಲಕ್ಷಾಂತರ ವಿದ್ಯಾರ್ಥಿಗಳಿಗೆ ವಿದ್ಯಾದಾನ ಮಾಡಿದರು. ಅವರ ಆದರ್ಶಗಳು ನಮಗೆ ದಾರಿದೀಪ. ಅರೇಹಳ್ಳಿ ಮಠದ ಶ್ರೀ ಶ್ರೀ ಶ್ರೀ ಸಿದ್ದರಾಮ ಚೈತನ್ಯ ಸ್ವಾಮೀಜಿಯವರು ಮಾತನಾಡಿದರು. ಸಂತ ಶ್ರೀ ಬಾಲಗಂಗಾಧರನಾಥ ಸ್ವಾಮೀಜಿಯವರು ಜನಿಸಿದ್ದು ಸ್ಮರಣೀಯ.
ಸ್ಮರಣ ಕಾರ್ಯಕ್ರಮ ಫೈರ ಗ್ರೂಪ್ ಮತ್ತು ಸಂಗಮಿಗರು ಸೇರಿ ಮಾಡುತ್ತಿದ್ದಾರೆ. ಒಕ್ಕಲಿಗರ ಸಮುದಾಯಕ್ಕೆ ಶಕ್ತಿ ಇಲ್ಲ ಎನ್ನುವ ಸಮುದಾಯಕ್ಕೆ ಶಕ್ತಿ ತುಂಬಿದ್ದು ಶ್ರೀ ಬಾಲಗಂಗಾಧರನಾಥ ಶ್ರೀಗಳು. ಸಾಧನೆಗೆ ಯೋಗ ಬೇಕು ಎಂದ ಶ್ರೀಗಳು ಅನೇಕ ಯೋಗ ಕ್ಷೇಮ ಕೇಂದ್ರಗಳನ್ನು ತೆರೆದರು. ಅಲ್ಲದೆ ಶ್ರೀಗಳಲ್ಲಿ ಇದ್ದ ಆದಿಚುಂಚನಗಿರಿ ಕ್ಷೇತ್ರ 71ನೇ ಪೀಠಾಧಿಪತಿಗಳಾಗಿ ಶ್ರೀಗಳು ನಡೆದ ಹಾದಿ ಮಹಾನ್. ಗುರುಕುಲ ಪದ್ಧತಿಯಲ್ಲಿ ಶಿಕ್ಷಣ ನೀಡಿದರು. ಶಿಕ್ಷಣ, ಆರೋಗ್ಯ, ಆಧ್ಯಾತ್ಮ ಕ್ಷೇತ್ರಗಳಲ್ಲಿ ಶ್ರೀಗಳ ಕೊಡುಗೆ ಅಪಾರ. ಜನರ ಕಷ್ಟಗಳಿಗೆ ಸ್ಪಂದಿಸಿ, ಸಮಾಜಕ್ಕೆ ಮಾದರಿ ಆದವರು. ಕೆಲಸವನ್ನು ಯಾರೇ ಆಗಲಿ ಅವರ ಪ್ರೀತಿ, ಸ್ನೇಹ ಮತ್ತು ಶ್ರದ್ಧೆಯಿಂದ ಮಾಡಿದರೆ ಸಾಧನೆ ಸಾಧ್ಯ ಎಂದು ತೋರಿಸಿದವರು ಶ್ರೀಗಳು. ಕೃಷಿ, ಪರಿಸರ ಮತ್ತು ಗೋವುಗಳ ರಕ್ಷಣೆಗೆ ವಿಶೇಷ ಒತ್ತು ನೀಡಿದರು. ಸಮಾಜದ ಎಲ್ಲಾ ವರ್ಗದ ಜನರನ್ನು ಪ್ರೀತಿಯಿಂದ ಕಂಡರು. ಶ್ರೀಗಳ ಅನುಯಾಯಿಗಳು ರಾಜ್ಯದ ಮೂಲೆ ಮೂಲೆಯಲ್ಲಿದ್ದಾರೆ ಎಂದು ಹೇಳಿದರು.
ತಮ್ಮ ಸೇವೆ ಮಾಡಲಿಲ್ಲ ಶೈಕ್ಷಣಿಕವಾಗಿ ಮತ್ತು ಸಾಮಾಜಿಕವಾಗಿ ಅಪಾರ ಕೊಡುಗೆ ನೀಡಿದ ಶ್ರೀಗಳನ್ನು ಸ್ಮರಿಸಿಕೊಳ್ಳುವುದು ನಮ್ಮೆಲ್ಲರ ಕರ್ತವ್ಯ. ಬಿ.ಜಿ.ಜ್ಯೋತಿಗಣೇಶ್ ಮಾತನಾಡಿ ಶ್ರೀಗಳು ಸಮುದಾಯಕ್ಕೆ ಸೀಮಿತವಾಗದೆ ಎಲ್ಲಾ ಸಮುದಾಯದ ಜನರನ್ನು ಪ್ರೀತಿಸಿದರು. ಸರ್ವರನ್ನೂ ಸಮಾನವಾಗಿ ಕಂಡ ಮಹಾನ್ ಸಂತ. ಶಿಕ್ಷಣ ಕ್ರಾಂತಿ ಮಾಡಿದರು. ಗ್ರಾಮೀಣ ಭಾಗದ ಮಕ್ಕಳಿಗೆ ಶಿಕ್ಷಣ ಕೊಡಿಸಿದರು. ಶ್ರೀಗಳ ಹಾದಿಯಲ್ಲಿ ನಾವೆಲ್ಲರೂ ನಡೆಯಬೇಕು. ಹಿಂದುಳಿದ ವರ್ಗದವರಿಗೆ ಮುಖ್ಯವಾಹಿನಿಗೆ ತರಲು ಶ್ರಮಿಸಿದರು. ನಮ್ಮ ನಾಡಿನ ಹೆಮ್ಮೆಯ ಗುರುಗಳು ಎಂದರು. ಅವರ ಬಾಳು ಸಾರ್ಥಕ. ಇಂದು ಆದಿಚುಂಚನಗಿರಿ ಮಠ ವಿಶ್ವ ಮಟ್ಟದಲ್ಲಿ ಹೆಸರು ಮಾಡಿದೆ. ಕಾರ್ಯಕ್ರಮದಲ್ಲಿ ಜಿಲ್ಲೆಯ ಜನಪ್ರತಿನಿಧಿಗಳು, ಮುಖಂಡರು, ಭಕ್ತರು ಭಾಗವಹಿಸಿದ್ದರು. ಸಂಜೆ ಬೃಹತ್ ಪಾದಯಾತ್ರೆ ಸಹ ನಡೆಯಿತು. ಸಮುದಾಯದ ಒಳಿತಿಗಾಗಿ ಶ್ರಮಿಸಿದ ಶ್ರೀಗಳನ್ನು ನೆನೆಯುತ್ತಾ ಭಕ್ತರು ಭಾವುಕರಾದರು.
ಸ್ಮರಣೆ ಮಾಡುತ್ತಿರುವುದು ಉತ್ತಮವಾದ ಕೆಲಸ ಎಂದು ಹೇಳಿದರು. ತುಮಕೂರು ಜಿಲ್ಲಾ ಪಂಚಾಯತ್ ಸಿಇಒ ಜಿ.ಪ್ರಭು ಅವರು ಮಾತನಾಡಿ ಪುಣ್ಯ ಸ್ಮರಣೆ ಎನ್ನುವುದಕ್ಕಿಂತ ಪುಣ್ಯ ದಿನಾಚರಣೆ ಎನ್ನುವುದೇ ಸೂಕ್ತ. ನಮ್ಮ ಜೀವನದಲ್ಲಿ ಇಂತಹ ಶ್ರೀಗಳ ದಾರಿಯಲ್ಲಿ ನಡೆಯಬೇಕು. ಸಮಾಜಮುಖಿ ಕೆಲಸಗಳನ್ನು ಮಾಡಬೇಕು ಎನ್ನುವುದು ಅವರ ಉದ್ದೇಶವಾಗಿತ್ತು. ಪರಮಪೂಜ್ಯ ಗುರುಗಳ ಆಶೀರ್ವಾದ ಪಡೆದು ಸಮಾಜ ಸೇವೆಗೆ ನಾವು ಕೈಜೋಡಿಸೋಣ. ಅಧಿಕಾರ ಇದ್ದಾಗ ಕೆಲಸ ಮಾಡಬೇಕು, ಜನರ ಕಷ್ಟಗಳಿಗೆ ಸ್ಪಂದಿಸಬೇಕು. ಶ್ರೀಗಳು ಯಾವುದೇ ಒಂದು ಸಮುದಾಯಕ್ಕೆ ಸೀಮಿತವಾಗಲಿಲ್ಲ. ಅವರು ಎಲ್ಲರನ್ನೂ ಪ್ರೀತಿಸಿದರು. ಈ ಸಂದರ್ಭದಲ್ಲಿ ಫೈರ ಗ್ರೂಪ್ ಮಾಲೀಕರು ಪ್ರಶಾಂತ್ ಮೂರ್ತಿ, ಪಾಲಿಕೆ ಮಾಜಿ ಸದಸ್ಯ ಧರಣೇಂದ್ರಕುಮಾರ್, ಮಹೇಶ್ ಗೌಡ, ಮುಖಂಡರಾದ ಮುರಳೀಧರ ಹಾಲಪ್ಪ, ಚಿಕ್ಕ ಲೋಕೇಶ್, ಶೈಲೇಶ್, ಮತ್ತಿತರರು ಉಪಸ್ಥಿತರಿದ್ದರು. ಸುನಿಲ್ ಗೌಡ, ರವಿ, ಶ್ರೀನಿವಾಸ್, ದಾಸಪ್ಪ ಸೇರಿದಂತೆ ಅನೇಕರು ಭಾಗವಹಿಸಿದ್ದರು.
